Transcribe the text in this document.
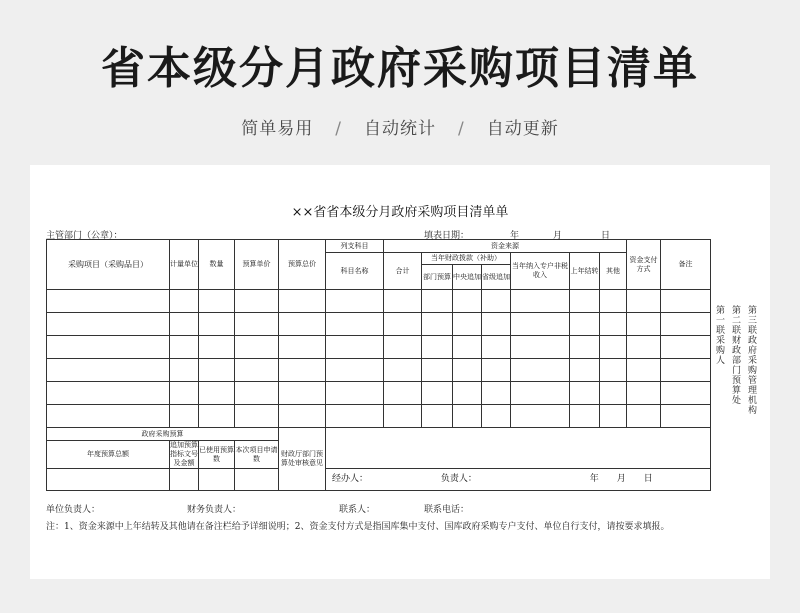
省本级分月政府采购项目清单
简单易用 / 自动统计 / 自动更新
××省省本级分月政府采购项目清单单
主管部门（公章）：	填表日期：	年	月	日
采购项目（采购品目）	计量单位	数量	预算单价	预算总价	列支科目	资金来源							资金支付方式	备注
					科目名称	合计	当年财政拨款（补助）			当年纳入专户非税收入	上年结转	其他		
							部门预算	中央追加	省级追加					

政府采购预算				财政厅部门预算处审核意见										
年度预算总额	追加预算指标文号及金额	已使用预算数	本次项目申请数											
					经办人： 负责人： 年　　月　　日									
第三联政府采购管理机构
第二联财政部门预算处
第一联采购人
单位负责人：	财务负责人：	联系人：	联系电话：
注：1、资金来源中上年结转及其他请在备注栏给予详细说明；2、资金支付方式是指国库集中支付、国库政府采购专户支付、单位自行支付，请按要求填报。
